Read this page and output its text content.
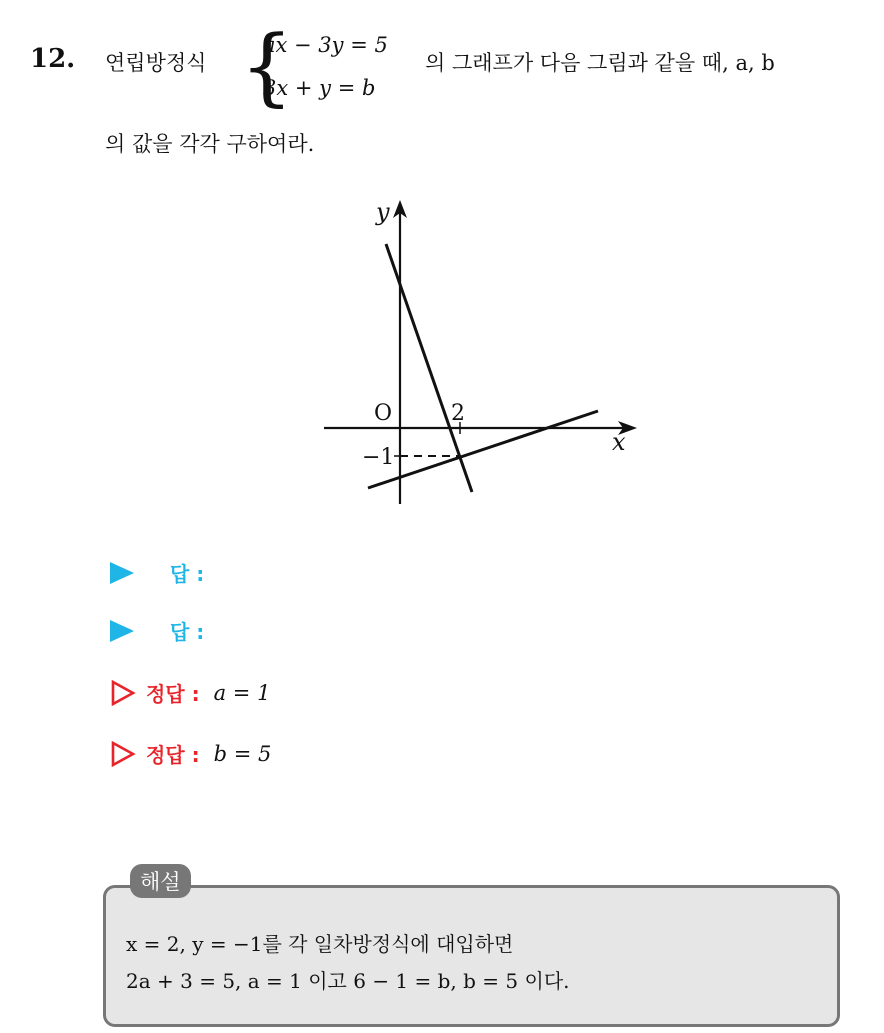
12. 연립방정식 {
ax − 3y = 5
3x + y = b
의 그래프가 다음 그림과 같을 때, a, b
의 값을 각각 구하여라.
y
x
O	2
−1
답 :
답 :
정답 : a = 1
정답 : b = 5
해설
x = 2, y = −1를 각 일차방정식에 대입하면
2a + 3 = 5, a = 1 이고 6 − 1 = b, b = 5 이다.
